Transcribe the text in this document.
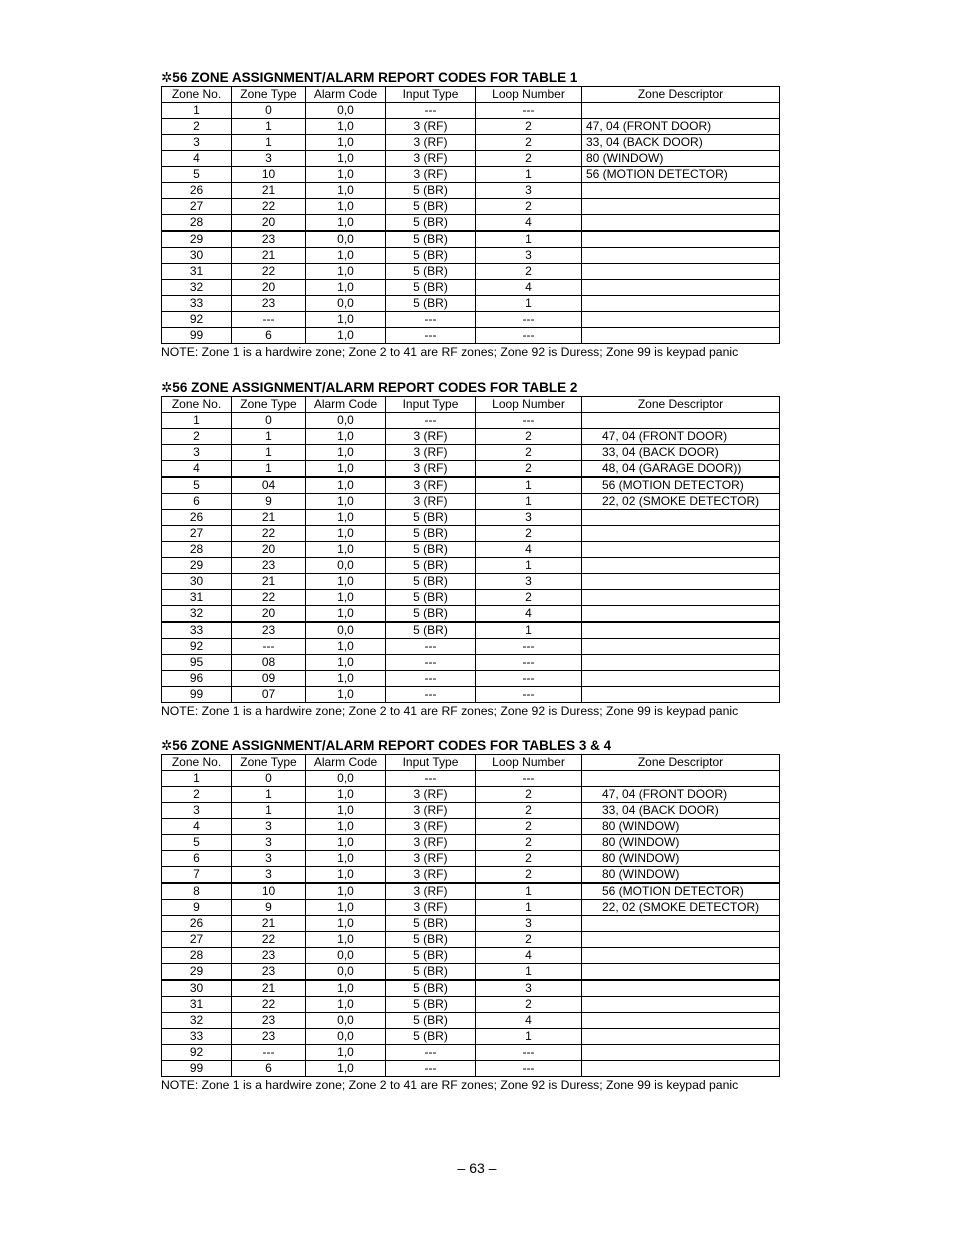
✲56 ZONE ASSIGNMENT/ALARM REPORT CODES FOR TABLE 1
Zone No.	Zone Type	Alarm Code	Input Type	Loop Number	Zone Descriptor
1	0	0,0	---	---	
2	1	1,0	3 (RF)	2	47, 04 (FRONT DOOR)
3	1	1,0	3 (RF)	2	33, 04 (BACK DOOR)
4	3	1,0	3 (RF)	2	80 (WINDOW)
5	10	1,0	3 (RF)	1	56 (MOTION DETECTOR)
26	21	1,0	5 (BR)	3	
27	22	1,0	5 (BR)	2	
28	20	1,0	5 (BR)	4	
29	23	0,0	5 (BR)	1	
30	21	1,0	5 (BR)	3	
31	22	1,0	5 (BR)	2	
32	20	1,0	5 (BR)	4	
33	23	0,0	5 (BR)	1	
92	---	1,0	---	---	
99	6	1,0	---	---	
NOTE: Zone 1 is a hardwire zone; Zone 2 to 41 are RF zones; Zone 92 is Duress; Zone 99 is keypad panic
✲56 ZONE ASSIGNMENT/ALARM REPORT CODES FOR TABLE 2
Zone No.	Zone Type	Alarm Code	Input Type	Loop Number	Zone Descriptor
1	0	0,0	---	---	
2	1	1,0	3 (RF)	2	47, 04 (FRONT DOOR)
3	1	1,0	3 (RF)	2	33, 04 (BACK DOOR)
4	1	1,0	3 (RF)	2	48, 04 (GARAGE DOOR))
5	04	1,0	3 (RF)	1	56 (MOTION DETECTOR)
6	9	1,0	3 (RF)	1	22, 02 (SMOKE DETECTOR)
26	21	1,0	5 (BR)	3	
27	22	1,0	5 (BR)	2	
28	20	1,0	5 (BR)	4	
29	23	0,0	5 (BR)	1	
30	21	1,0	5 (BR)	3	
31	22	1,0	5 (BR)	2	
32	20	1,0	5 (BR)	4	
33	23	0,0	5 (BR)	1	
92	---	1,0	---	---	
95	08	1,0	---	---	
96	09	1,0	---	---	
99	07	1,0	---	---	
NOTE: Zone 1 is a hardwire zone; Zone 2 to 41 are RF zones; Zone 92 is Duress; Zone 99 is keypad panic
✲56 ZONE ASSIGNMENT/ALARM REPORT CODES FOR TABLES 3 & 4
Zone No.	Zone Type	Alarm Code	Input Type	Loop Number	Zone Descriptor
1	0	0,0	---	---	
2	1	1,0	3 (RF)	2	47, 04 (FRONT DOOR)
3	1	1,0	3 (RF)	2	33, 04 (BACK DOOR)
4	3	1,0	3 (RF)	2	80 (WINDOW)
5	3	1,0	3 (RF)	2	80 (WINDOW)
6	3	1,0	3 (RF)	2	80 (WINDOW)
7	3	1,0	3 (RF)	2	80 (WINDOW)
8	10	1,0	3 (RF)	1	56 (MOTION DETECTOR)
9	9	1,0	3 (RF)	1	22, 02 (SMOKE DETECTOR)
26	21	1,0	5 (BR)	3	
27	22	1,0	5 (BR)	2	
28	23	0,0	5 (BR)	4	
29	23	0,0	5 (BR)	1	
30	21	1,0	5 (BR)	3	
31	22	1,0	5 (BR)	2	
32	23	0,0	5 (BR)	4	
33	23	0,0	5 (BR)	1	
92	---	1,0	---	---	
99	6	1,0	---	---	
NOTE: Zone 1 is a hardwire zone; Zone 2 to 41 are RF zones; Zone 92 is Duress; Zone 99 is keypad panic
– 63 –
